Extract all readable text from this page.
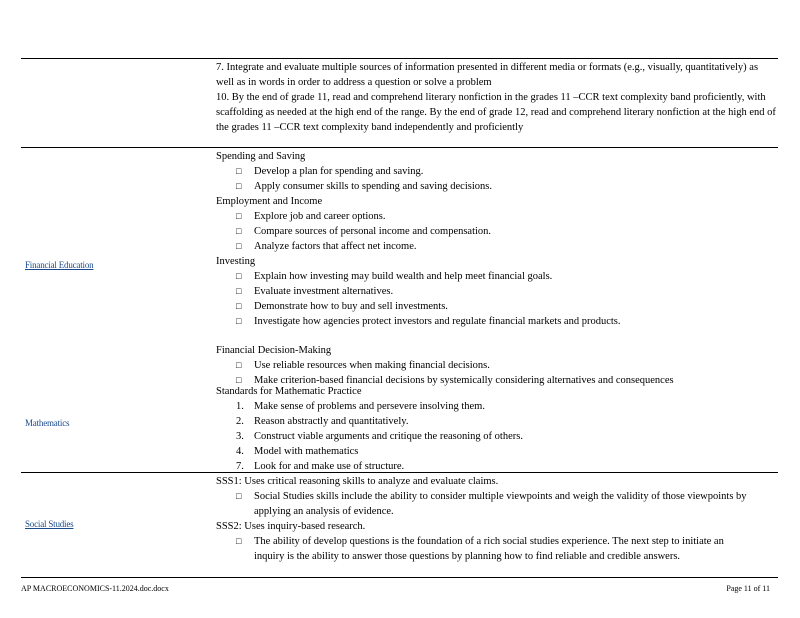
7. Integrate and evaluate multiple sources of information presented in different media or formats (e.g., visually, quantitatively) as well as in words in order to address a question or solve a problem

10. By the end of grade 11, read and comprehend literary nonfiction in the grades 11 –CCR text complexity band proficiently, with scaffolding as needed at the high end of the range. By the end of grade 12, read and comprehend literary nonfiction at the high end of the grades 11 –CCR text complexity band independently and proficiently

Financial Education

Spending and Saving

□ Develop a plan for spending and saving.
□ Apply consumer skills to spending and saving decisions.

Employment and Income

□ Explore job and career options.
□ Compare sources of personal income and compensation.
□ Analyze factors that affect net income.

Investing

□ Explain how investing may build wealth and help meet financial goals.
□ Evaluate investment alternatives.
□ Demonstrate how to buy and sell investments.
□ Investigate how agencies protect investors and regulate financial markets and products.

Financial Decision-Making

□ Use reliable resources when making financial decisions.
□ Make criterion-based financial decisions by systemically considering alternatives and consequences
Mathematics

Standards for Mathematic Practice

1. Make sense of problems and persevere insolving them.
2. Reason abstractly and quantitatively.
3. Construct viable arguments and critique the reasoning of others.
4. Model with mathematics
7. Look for and make use of structure.
Social Studies

SSS1: Uses critical reasoning skills to analyze and evaluate claims.

□ Social Studies skills include the ability to consider multiple viewpoints and weigh the validity of those viewpoints by applying an analysis of evidence.

SSS2: Uses inquiry-based research.

□ The ability of develop questions is the foundation of a rich social studies experience. The next step to initiate an inquiry is the ability to answer those questions by planning how to find reliable and credible answers.
AP MACROECONOMICS-11.2024.doc.docx	Page 11 of 11
